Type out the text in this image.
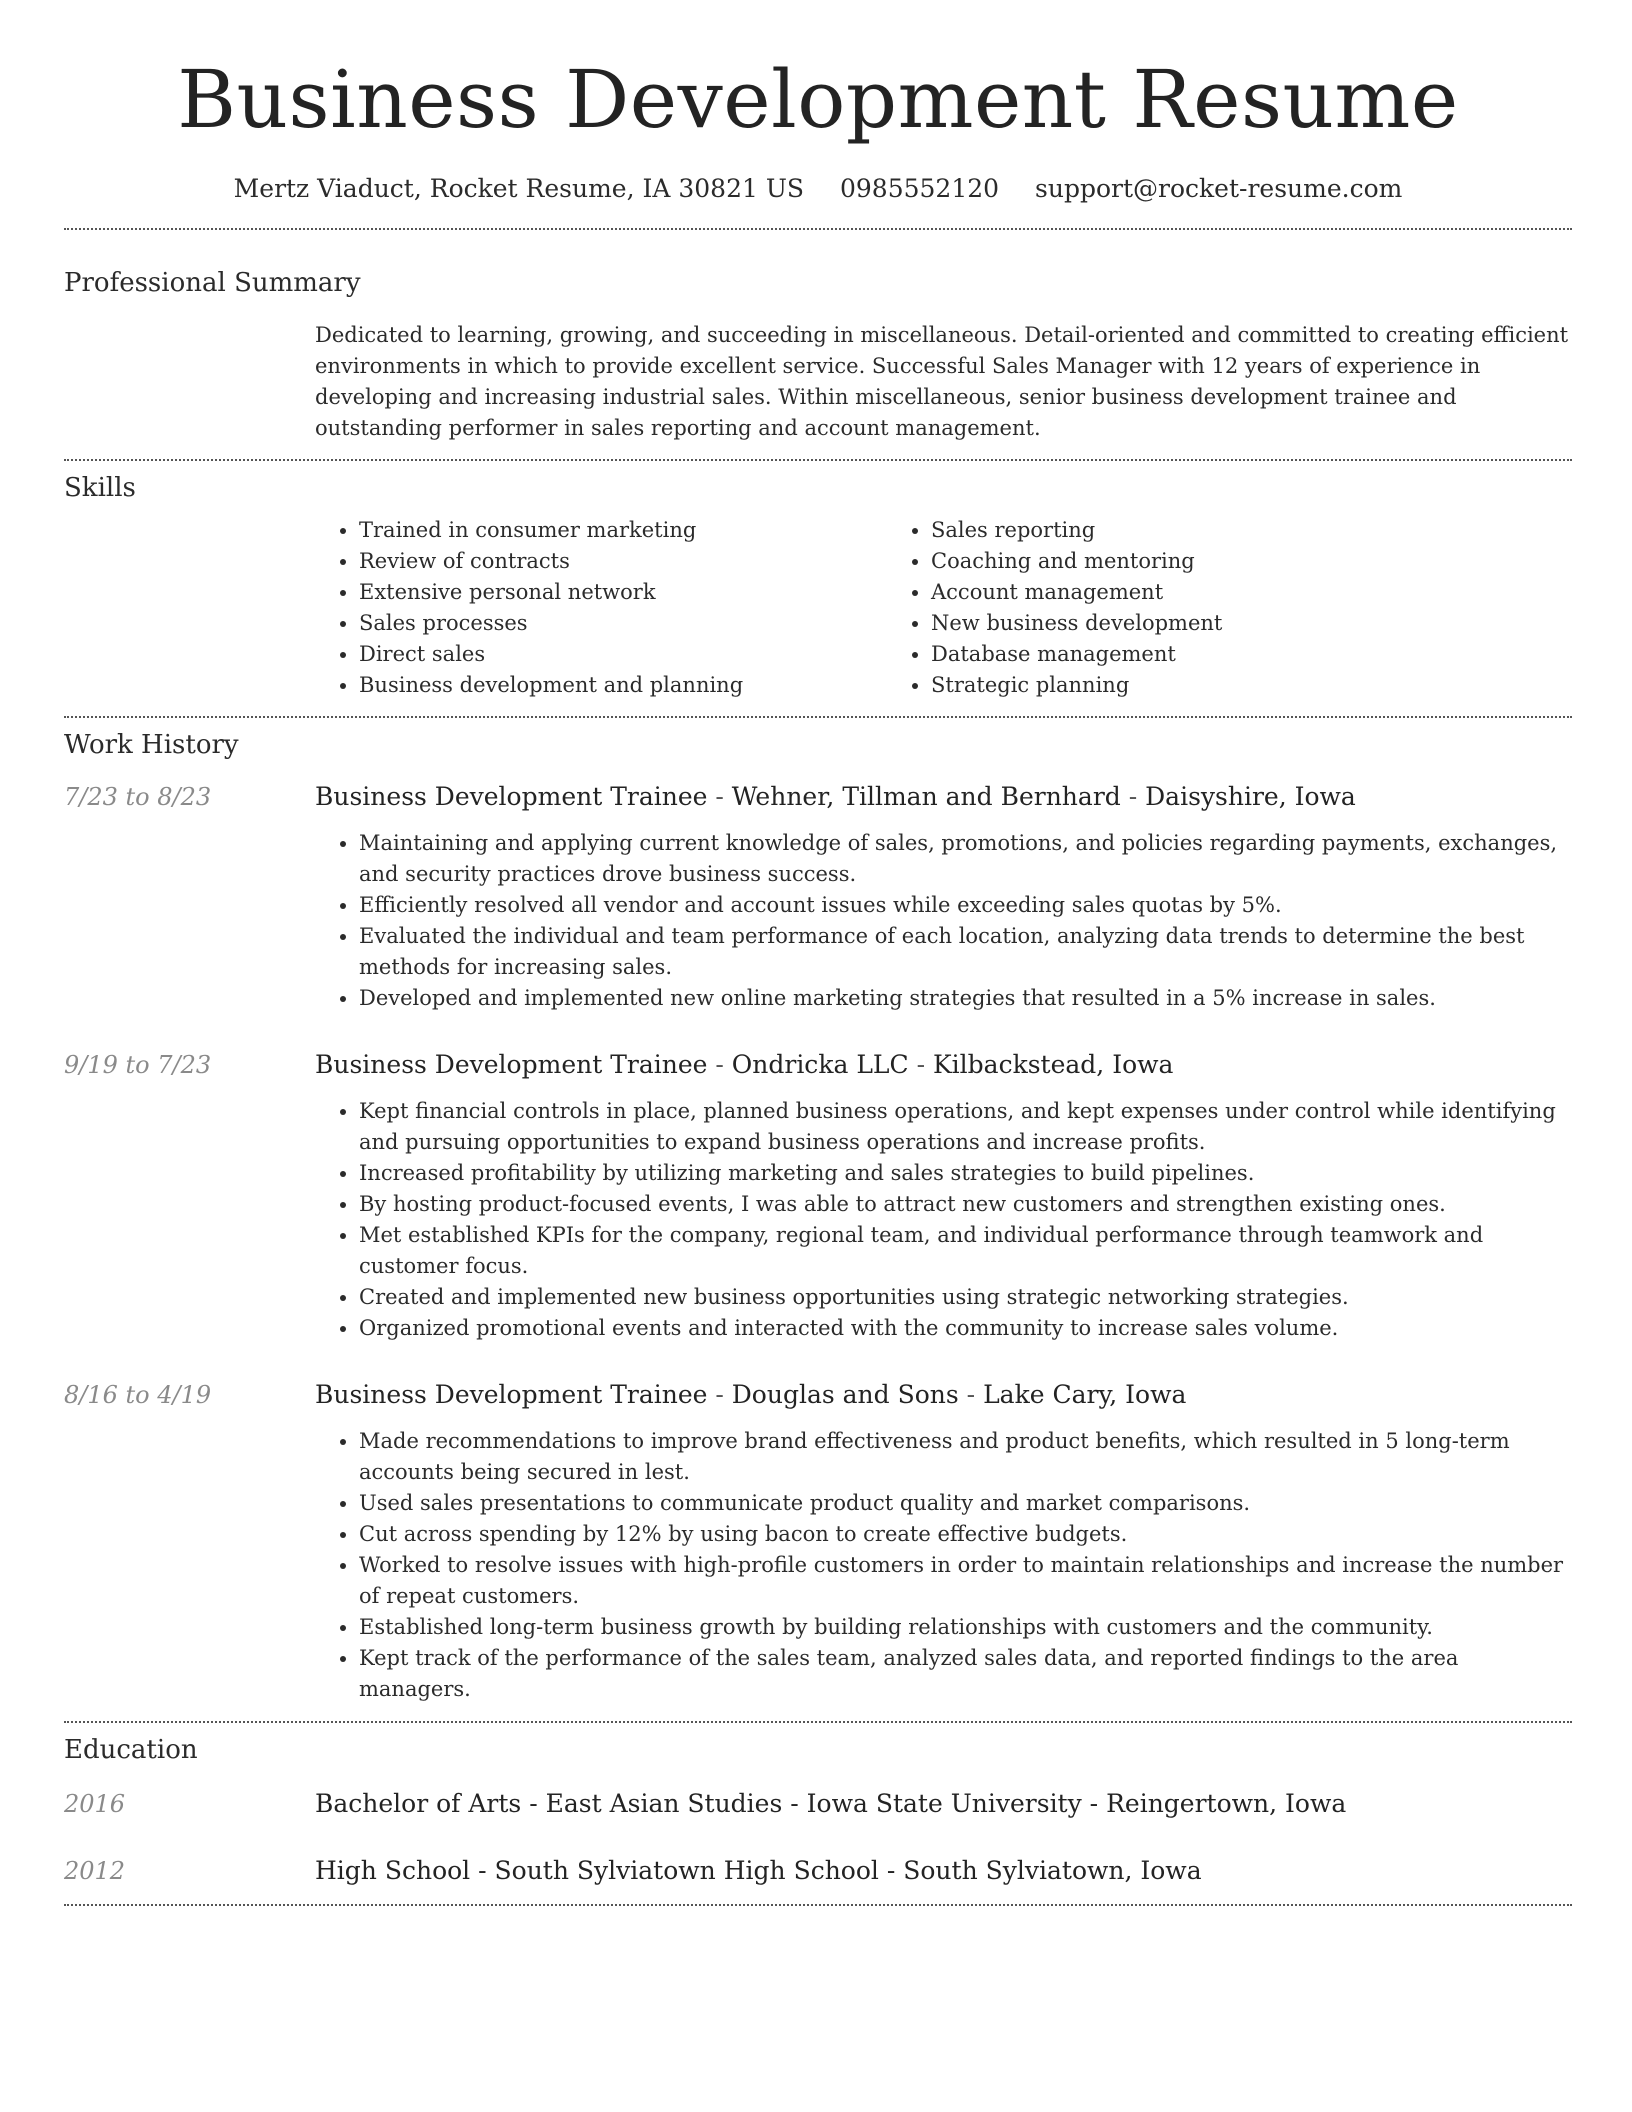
Business Development Resume
Mertz Viaduct, Rocket Resume, IA 30821 US 0985552120 support@rocket-resume.com
Professional Summary
Dedicated to learning, growing, and succeeding in miscellaneous. Detail-oriented and committed to creating efficient environments in which to provide excellent service. Successful Sales Manager with 12 years of experience in developing and increasing industrial sales. Within miscellaneous, senior business development trainee and outstanding performer in sales reporting and account management.
Skills
• Trained in consumer marketing
• Review of contracts
• Extensive personal network
• Sales processes
• Direct sales
• Business development and planning
• Sales reporting
• Coaching and mentoring
• Account management
• New business development
• Database management
• Strategic planning
Work History
7/23 to 8/23	Business Development Trainee - Wehner, Tillman and Bernhard - Daisyshire, Iowa
• Maintaining and applying current knowledge of sales, promotions, and policies regarding payments, exchanges, and security practices drove business success.
• Efficiently resolved all vendor and account issues while exceeding sales quotas by 5%.
• Evaluated the individual and team performance of each location, analyzing data trends to determine the best methods for increasing sales.
• Developed and implemented new online marketing strategies that resulted in a 5% increase in sales.
9/19 to 7/23	Business Development Trainee - Ondricka LLC - Kilbackstead, Iowa
• Kept financial controls in place, planned business operations, and kept expenses under control while identifying and pursuing opportunities to expand business operations and increase profits.
• Increased profitability by utilizing marketing and sales strategies to build pipelines.
• By hosting product-focused events, I was able to attract new customers and strengthen existing ones.
• Met established KPIs for the company, regional team, and individual performance through teamwork and customer focus.
• Created and implemented new business opportunities using strategic networking strategies.
• Organized promotional events and interacted with the community to increase sales volume.
8/16 to 4/19	Business Development Trainee - Douglas and Sons - Lake Cary, Iowa
• Made recommendations to improve brand effectiveness and product benefits, which resulted in 5 long-term accounts being secured in lest.
• Used sales presentations to communicate product quality and market comparisons.
• Cut across spending by 12% by using bacon to create effective budgets.
• Worked to resolve issues with high-profile customers in order to maintain relationships and increase the number of repeat customers.
• Established long-term business growth by building relationships with customers and the community.
• Kept track of the performance of the sales team, analyzed sales data, and reported findings to the area managers.
Education
2016	Bachelor of Arts - East Asian Studies - Iowa State University - Reingertown, Iowa
2012	High School - South Sylviatown High School - South Sylviatown, Iowa
